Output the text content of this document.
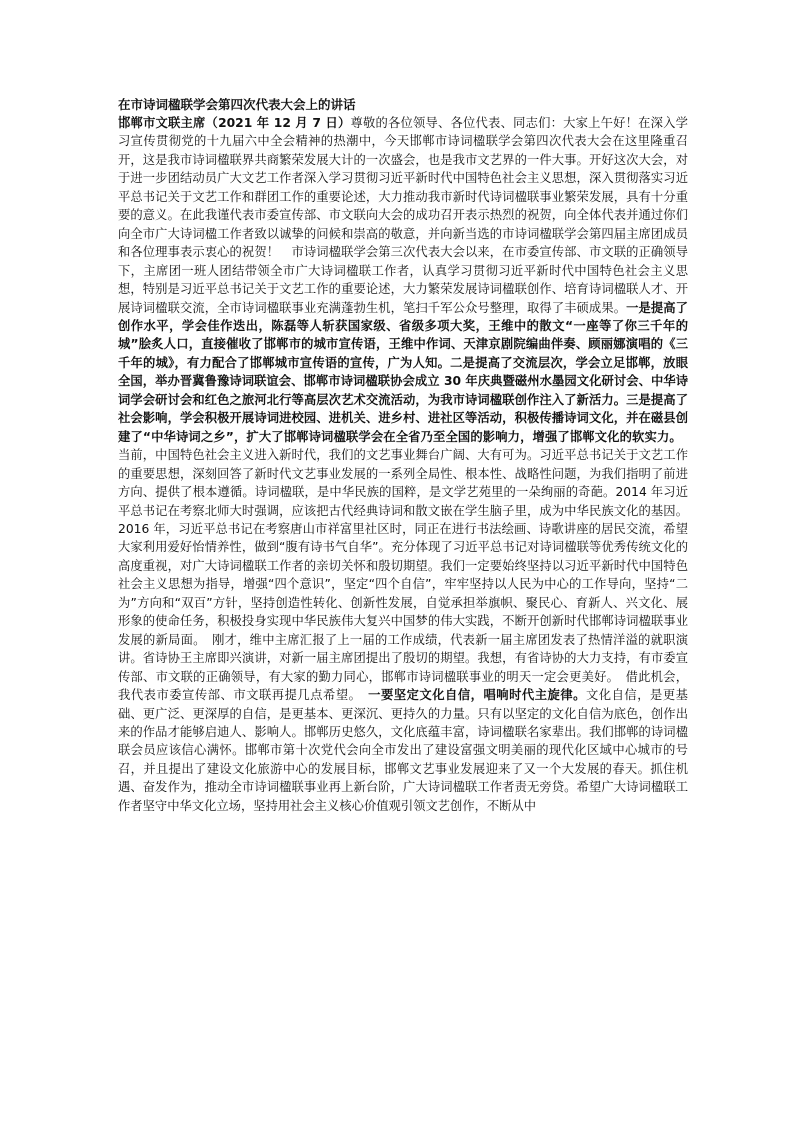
在市诗词楹联学会第四次代表大会上的讲话

邯郸市文联主席（2021 年 12 月 7 日）尊敬的各位领导、各位代表、同志们：大家上午好！在深入学习宣传贯彻党的十九届六中全会精神的热潮中，今天邯郸市诗词楹联学会第四次代表大会在这里隆重召开，这是我市诗词楹联界共商繁荣发展大计的一次盛会，也是我市文艺界的一件大事。开好这次大会，对于进一步团结动员广大文艺工作者深入学习贯彻习近平新时代中国特色社会主义思想，深入贯彻落实习近平总书记关于文艺工作和群团工作的重要论述，大力推动我市新时代诗词楹联事业繁荣发展，具有十分重要的意义。在此我谨代表市委宣传部、市文联向大会的成功召开表示热烈的祝贺，向全体代表并通过你们向全市广大诗词楹工作者致以诚挚的问候和崇高的敬意，并向新当选的市诗词楹联学会第四届主席团成员和各位理事表示衷心的祝贺！　市诗词楹联学会第三次代表大会以来，在市委宣传部、市文联的正确领导下，主席团一班人团结带领全市广大诗词楹联工作者，认真学习贯彻习近平新时代中国特色社会主义思想，特别是习近平总书记关于文艺工作的重要论述，大力繁荣发展诗词楹联创作、培育诗词楹联人才、开展诗词楹联交流，全市诗词楹联事业充满蓬勃生机，笔扫千军公众号整理，取得了丰硕成果。一是提高了创作水平，学会佳作迭出，陈磊等人斩获国家级、省级多项大奖，王维中的散文“一座等了你三千年的城”脍炙人口，直接催收了邯郸市的城市宣传语，王维中作词、天津京剧院编曲伴奏、顾丽娜演唱的《三千年的城》，有力配合了邯郸城市宣传语的宣传，广为人知。二是提高了交流层次，学会立足邯郸，放眼全国，举办晋冀鲁豫诗词联谊会、邯郸市诗词楹联协会成立 30 年庆典暨磁州水墨园文化研讨会、中华诗词学会研讨会和红色之旅河北行等高层次艺术交流活动，为我市诗词楹联创作注入了新活力。三是提高了社会影响，学会积极开展诗词进校园、进机关、进乡村、进社区等活动，积极传播诗词文化，并在磁县创建了“中华诗词之乡”，扩大了邯郸诗词楹联学会在全省乃至全国的影响力，增强了邯郸文化的软实力。　当前，中国特色社会主义进入新时代，我们的文艺事业舞台广阔、大有可为。习近平总书记关于文艺工作的重要思想，深刻回答了新时代文艺事业发展的一系列全局性、根本性、战略性问题，为我们指明了前进方向、提供了根本遵循。诗词楹联，是中华民族的国粹，是文学艺苑里的一朵绚丽的奇葩。2014 年习近平总书记在考察北师大时强调，应该把古代经典诗词和散文嵌在学生脑子里，成为中华民族文化的基因。2016 年，习近平总书记在考察唐山市祥富里社区时，同正在进行书法绘画、诗歌讲座的居民交流，希望大家利用爱好怡情养性，做到“腹有诗书气自华”。充分体现了习近平总书记对诗词楹联等优秀传统文化的高度重视，对广大诗词楹联工作者的亲切关怀和殷切期望。我们一定要始终坚持以习近平新时代中国特色社会主义思想为指导，增强“四个意识”，坚定“四个自信”，牢牢坚持以人民为中心的工作导向，坚持“二为”方向和“双百”方针，坚持创造性转化、创新性发展，自觉承担举旗帜、聚民心、育新人、兴文化、展形象的使命任务，积极投身实现中华民族伟大复兴中国梦的伟大实践，不断开创新时代邯郸诗词楹联事业发展的新局面。　刚才，维中主席汇报了上一届的工作成绩，代表新一届主席团发表了热情洋溢的就职演讲。省诗协王主席即兴演讲，对新一届主席团提出了殷切的期望。我想，有省诗协的大力支持，有市委宣传部、市文联的正确领导，有大家的勤力同心，邯郸市诗词楹联事业的明天一定会更美好。　借此机会，我代表市委宣传部、市文联再提几点希望。　一要坚定文化自信，唱响时代主旋律。文化自信，是更基础、更广泛、更深厚的自信，是更基本、更深沉、更持久的力量。只有以坚定的文化自信为底色，创作出来的作品才能够启迪人、影响人。邯郸历史悠久，文化底蕴丰富，诗词楹联名家辈出。我们邯郸的诗词楹联会员应该信心满怀。邯郸市第十次党代会向全市发出了建设富强文明美丽的现代化区域中心城市的号召，并且提出了建设文化旅游中心的发展目标，邯郸文艺事业发展迎来了又一个大发展的春天。抓住机遇、奋发作为，推动全市诗词楹联事业再上新台阶，广大诗词楹联工作者责无旁贷。希望广大诗词楹联工作者坚守中华文化立场，坚持用社会主义核心价值观引领文艺创作，不断从中
